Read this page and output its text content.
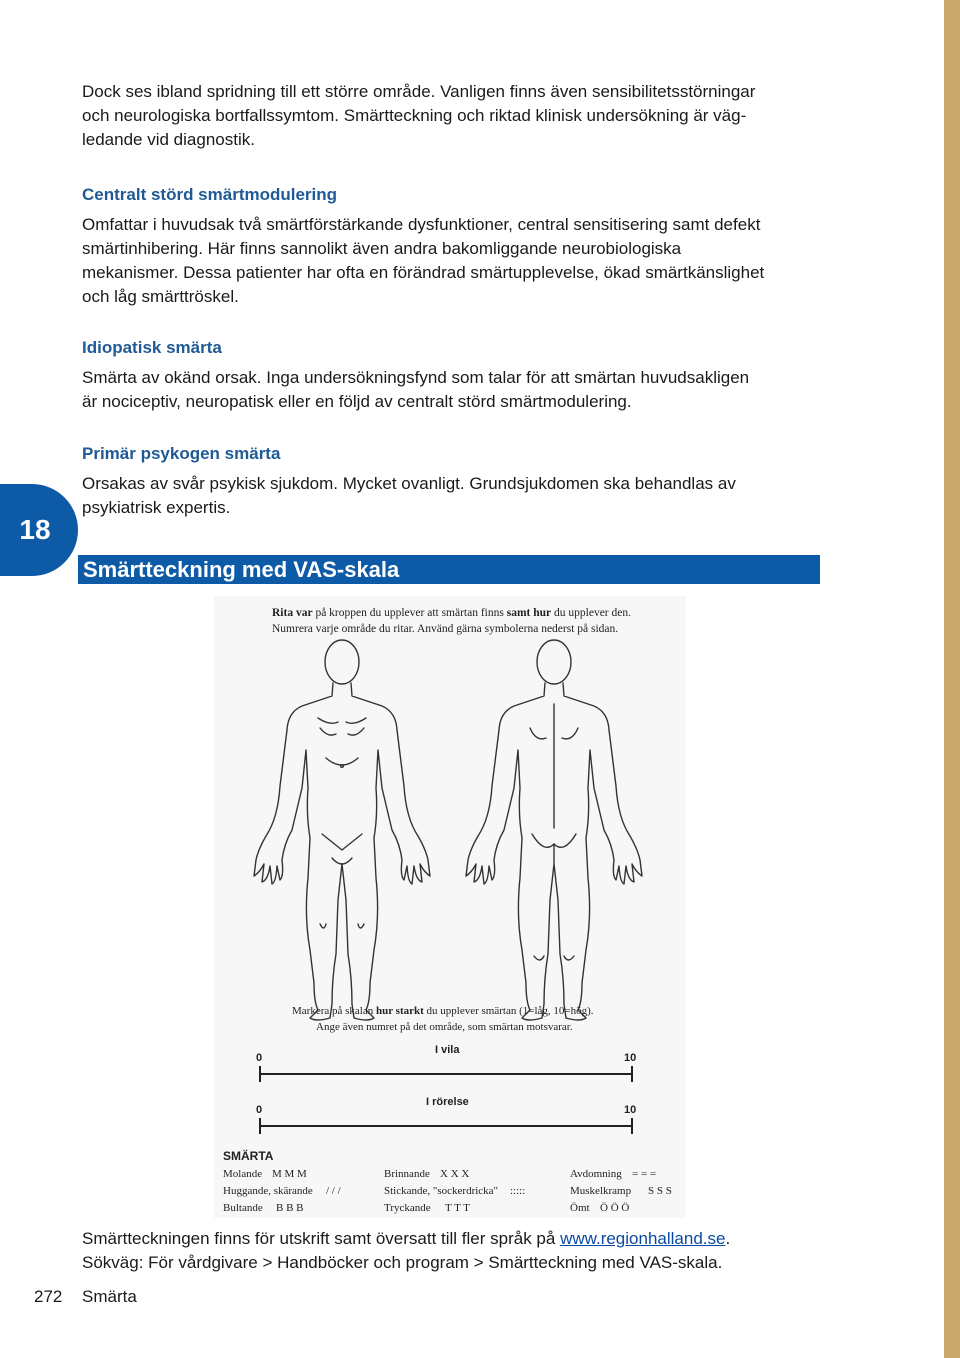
Dock ses ibland spridning till ett större område. Vanligen finns även sensibilitetsstörningar
och neurologiska bortfallssymtom. Smärtteckning och riktad klinisk undersökning är väg-
ledande vid diagnostik.

Centralt störd smärtmodulering

Omfattar i huvudsak två smärtförstärkande dysfunktioner, central sensitisering samt defekt
smärtinhibering. Här finns sannolikt även andra bakomliggande neurobiologiska
mekanismer. Dessa patienter har ofta en förändrad smärtupplevelse, ökad smärtkänslighet
och låg smärttröskel.

Idiopatisk smärta

Smärta av okänd orsak. Inga undersökningsfynd som talar för att smärtan huvudsakligen
är nociceptiv, neuropatisk eller en följd av centralt störd smärtmodulering.

Primär psykogen smärta

Orsakas av svår psykisk sjukdom. Mycket ovanligt. Grundsjukdomen ska behandlas av
psykiatrisk expertis.

18
Smärtteckning med VAS-skala
Rita var på kroppen du upplever att smärtan finns samt hur du upplever den.
Numrera varje område du ritar. Använd gärna symbolerna nederst på sidan.
Markera på skalan hur starkt du upplever smärtan (1=låg, 10=hög).
Ange även numret på det område, som smärtan motsvarar.
I vila
0	10
I rörelse
0	10
SMÄRTA
Molande M M M
Huggande, skärande / / /
Bultande B B B
Brinnande X X X
Stickande, "sockerdricka" :::::
Tryckande T T T
Avdomning = = =
Muskelkramp S S S
Ömt Ö Ö Ö

Smärtteckningen finns för utskrift samt översatt till fler språk på www.regionhalland.se.
Sökväg: För vårdgivare > Handböcker och program > Smärtteckning med VAS-skala.

272 Smärta
